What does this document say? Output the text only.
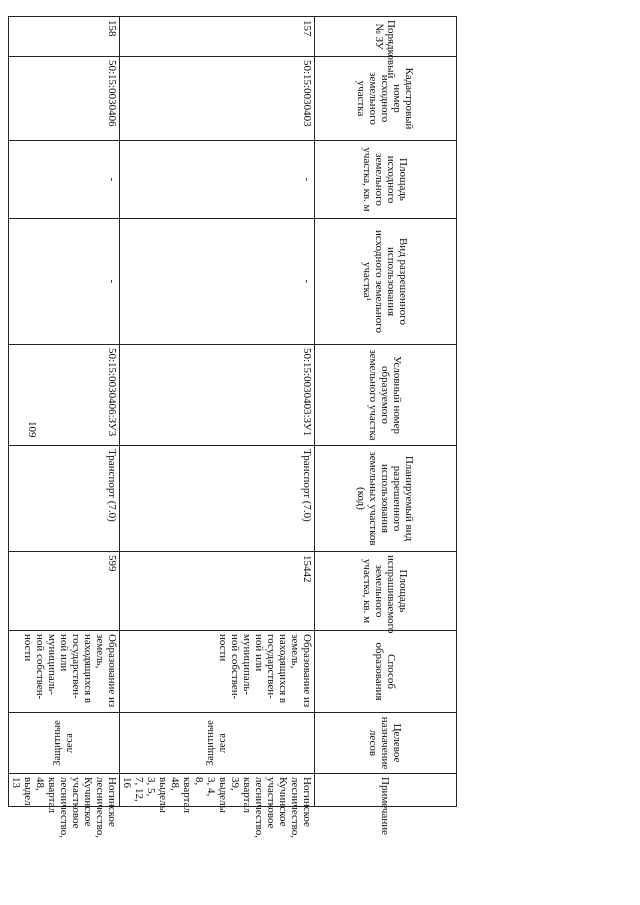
109
Порядковый № ЗУ	Кадастровый номер исходного земельного участка	Площадь исходного земельного участка, кв. м	Вид разрешенного использования исходного земельного участка¹	Условный номер образуемого земельного участка	Планируемый вид разрешенного использования земельных участков (код)	Площадь испрашиваемого земельного участка, кв. м	Способ образования	Целевое назначение лесов	Примечание
157	50:15:0030403	-	-	50:15:0030403:ЗУ1	Транспорт (7.0)	15442	Образование из земель, находящихся в государствен-ной или муниципаль-ной собствен-ности	Защитные леса	Ногинское лесничество, Кучинское участковое лесничество, квартал 39, выделы 3, 4, 8, квартал 48, выделы 3, 5, 7, 12, 16
158	50:15:0030406	-	-	50:15:0030406:ЗУ3	Транспорт (7.0)	599	Образование из земель, находящихся в государствен-ной или муниципаль-ной собствен-ности	Защитные леса	Ногинское лесничество, Кучинское участковое лесничество, квартал 48, выдел 13
